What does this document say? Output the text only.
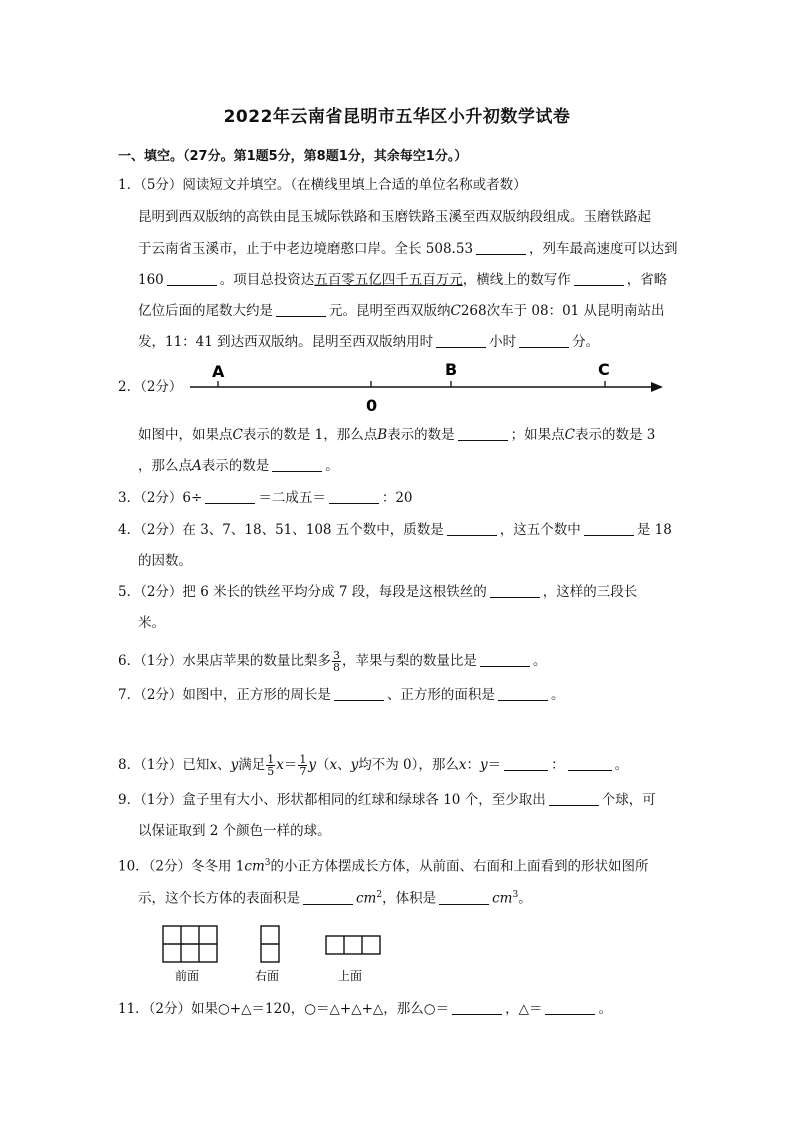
2022年云南省昆明市五华区小升初数学试卷
一、填空。（27分。第1题5分，第8题1分，其余每空1分。）
1．（5分）阅读短文并填空。（在横线里填上合适的单位名称或者数）
昆明到西双版纳的高铁由昆玉城际铁路和玉磨铁路玉溪至西双版纳段组成。玉磨铁路起
于云南省玉溪市，止于中老边境磨憨口岸。全长 508.53	，列车最高速度可以达到
160	。项目总投资达五百零五亿四千五百万元，横线上的数写作	，省略
亿位后面的尾数大约是	元。昆明至西双版纳C268次车于 08：01 从昆明南站出
发，11：41 到达西双版纳。昆明至西双版纳用时	小时	分。
2．（2分）
A	B	C
0
如图中，如果点C表示的数是 1，那么点B表示的数是	；如果点C表示的数是 3
，那么点A表示的数是	。
3．（2分）6÷	＝二成五＝	：20
4．（2分）在 3、7、18、51、108 五个数中，质数是	，这五个数中	是 18
的因数。
5．（2分）把 6 米长的铁丝平均分成 7 段，每段是这根铁丝的	，这样的三段长
米。
6．（1分）水果店苹果的数量比梨多 $\frac{3}{8}$ ，苹果与梨的数量比是	。
7．（2分）如图中，正方形的周长是	、正方形的面积是	。
8．（1分）已知x、y满足 $\frac{1}{5} x= \frac{1}{7} y(x$、y均不为 0），那么x：y＝	：	。
9．（1分）盒子里有大小、形状都相同的红球和绿球各 10 个，至少取出	个球，可
以保证取到 2 个颜色一样的球。
10．（2分）冬冬用 $1cm^3$的小正方体摆成长方体，从前面、右面和上面看到的形状如图所
示，这个长方体的表面积是	$cm^2$，体积是	$cm^3$。
前面	右面	上面
11．（2分）如果○+△＝120，○＝△+△+△，那么○＝	，△＝	。
